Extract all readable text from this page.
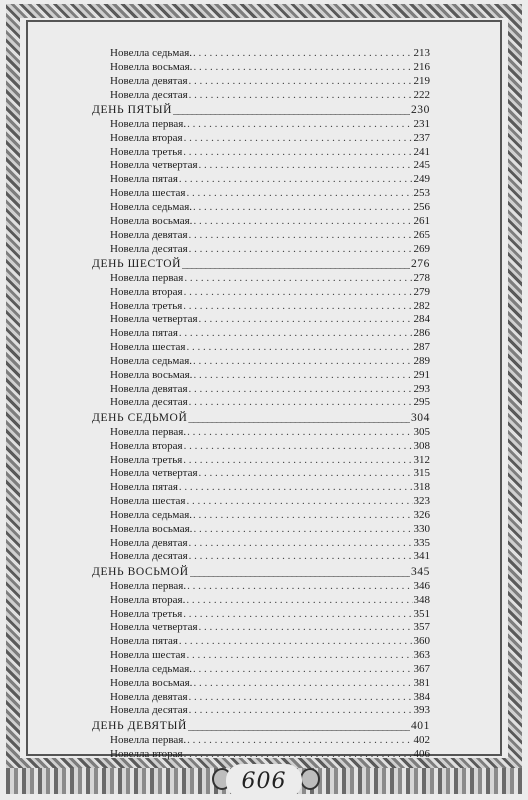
606
Новелла седьмая. . . .	213
Новелла восьмая. . . .	216
Новелла девятая . . .	219
Новелла десятая . . .	222
ДЕНЬ ПЯТЫЙ _ _ _	230
Новелла первая. . . .	231
Новелла вторая . . .	237
Новелла третья . . .	241
Новелла четвертая . . .	245
Новелла пятая . . .	249
Новелла шестая . . .	253
Новелла седьмая. . . .	256
Новелла восьмая. . . .	261
Новелла девятая . . .	265
Новелла десятая . . .	269
ДЕНЬ ШЕСТОЙ _ _ _	276
Новелла первая . . .	278
Новелла вторая . . .	279
Новелла третья . . .	282
Новелла четвертая . . .	284
Новелла пятая . . .	286
Новелла шестая . . .	287
Новелла седьмая. . . .	289
Новелла восьмая. . . .	291
Новелла девятая . . .	293
Новелла десятая . . .	295
ДЕНЬ СЕДЬМОЙ _ _ _	304
Новелла первая. . . .	305
Новелла вторая . . .	308
Новелла третья . . .	312
Новелла четвертая . . .	315
Новелла пятая . . .	318
Новелла шестая . . .	323
Новелла седьмая. . . .	326
Новелла восьмая. . . .	330
Новелла девятая . . .	335
Новелла десятая . . .	341
ДЕНЬ ВОСЬМОЙ _ _ _	345
Новелла первая. . . .	346
Новелла вторая. . . .	348
Новелла третья . . .	351
Новелла четвертая . . .	357
Новелла пятая . . .	360
Новелла шестая . . .	363
Новелла седьмая. . . .	367
Новелла восьмая. . . .	381
Новелла девятая . . .	384
Новелла десятая . . .	393
ДЕНЬ ДЕВЯТЫЙ _ _ _	401
Новелла первая. . . .	402
Новелла вторая . . .	406
